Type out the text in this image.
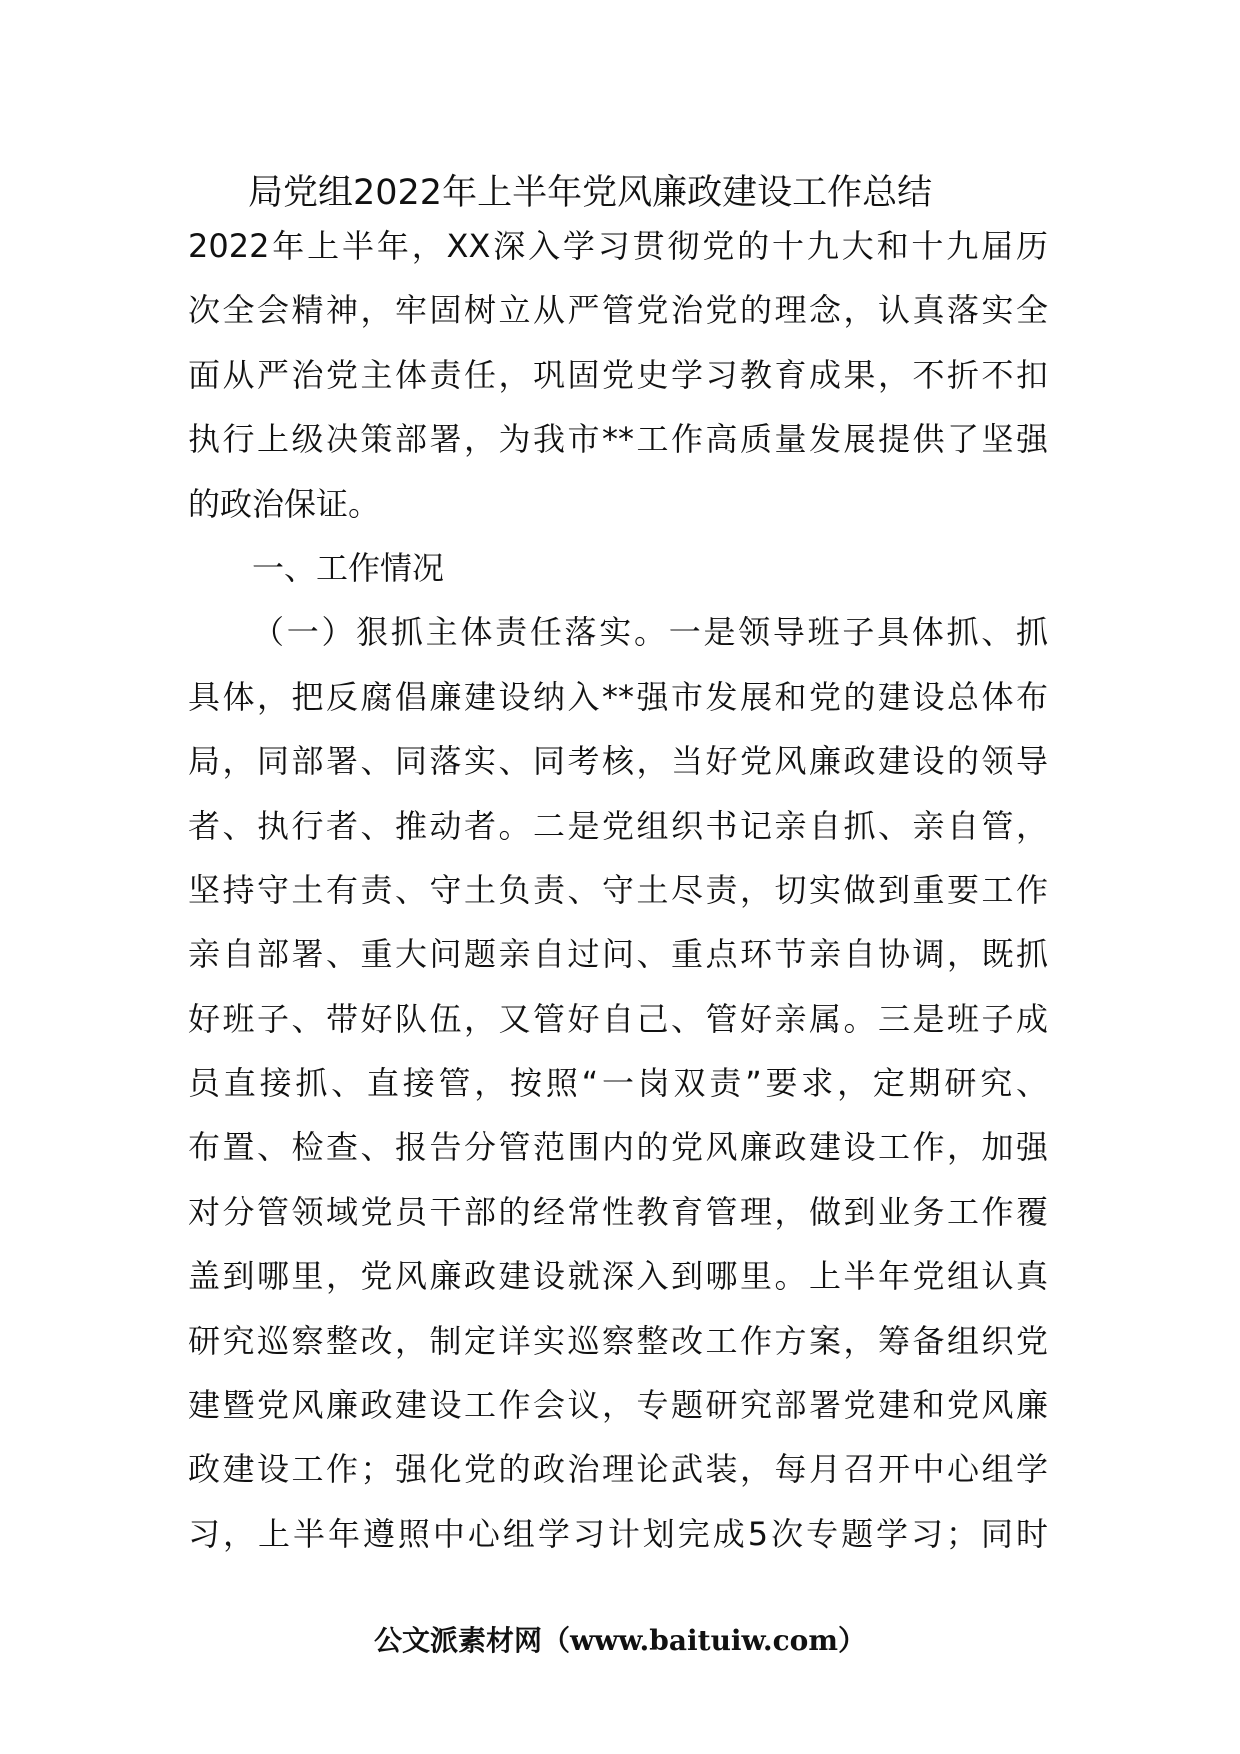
局党组2022年上半年党风廉政建设工作总结
2022年上半年，XX深入学习贯彻党的十九大和十九届历
次全会精神，牢固树立从严管党治党的理念，认真落实全
面从严治党主体责任，巩固党史学习教育成果，不折不扣
执行上级决策部署，为我市**工作高质量发展提供了坚强
的政治保证。
一、工作情况
（一）狠抓主体责任落实。一是领导班子具体抓、抓
具体，把反腐倡廉建设纳入**强市发展和党的建设总体布
局，同部署、同落实、同考核，当好党风廉政建设的领导
者、执行者、推动者。二是党组织书记亲自抓、亲自管，
坚持守土有责、守土负责、守土尽责，切实做到重要工作
亲自部署、重大问题亲自过问、重点环节亲自协调，既抓
好班子、带好队伍，又管好自己、管好亲属。三是班子成
员直接抓、直接管，按照“一岗双责”要求，定期研究、
布置、检查、报告分管范围内的党风廉政建设工作，加强
对分管领域党员干部的经常性教育管理，做到业务工作覆
盖到哪里，党风廉政建设就深入到哪里。上半年党组认真
研究巡察整改，制定详实巡察整改工作方案，筹备组织党
建暨党风廉政建设工作会议，专题研究部署党建和党风廉
政建设工作；强化党的政治理论武装，每月召开中心组学
习，上半年遵照中心组学习计划完成5次专题学习；同时
公文派素材网（www.baituiw.com）
